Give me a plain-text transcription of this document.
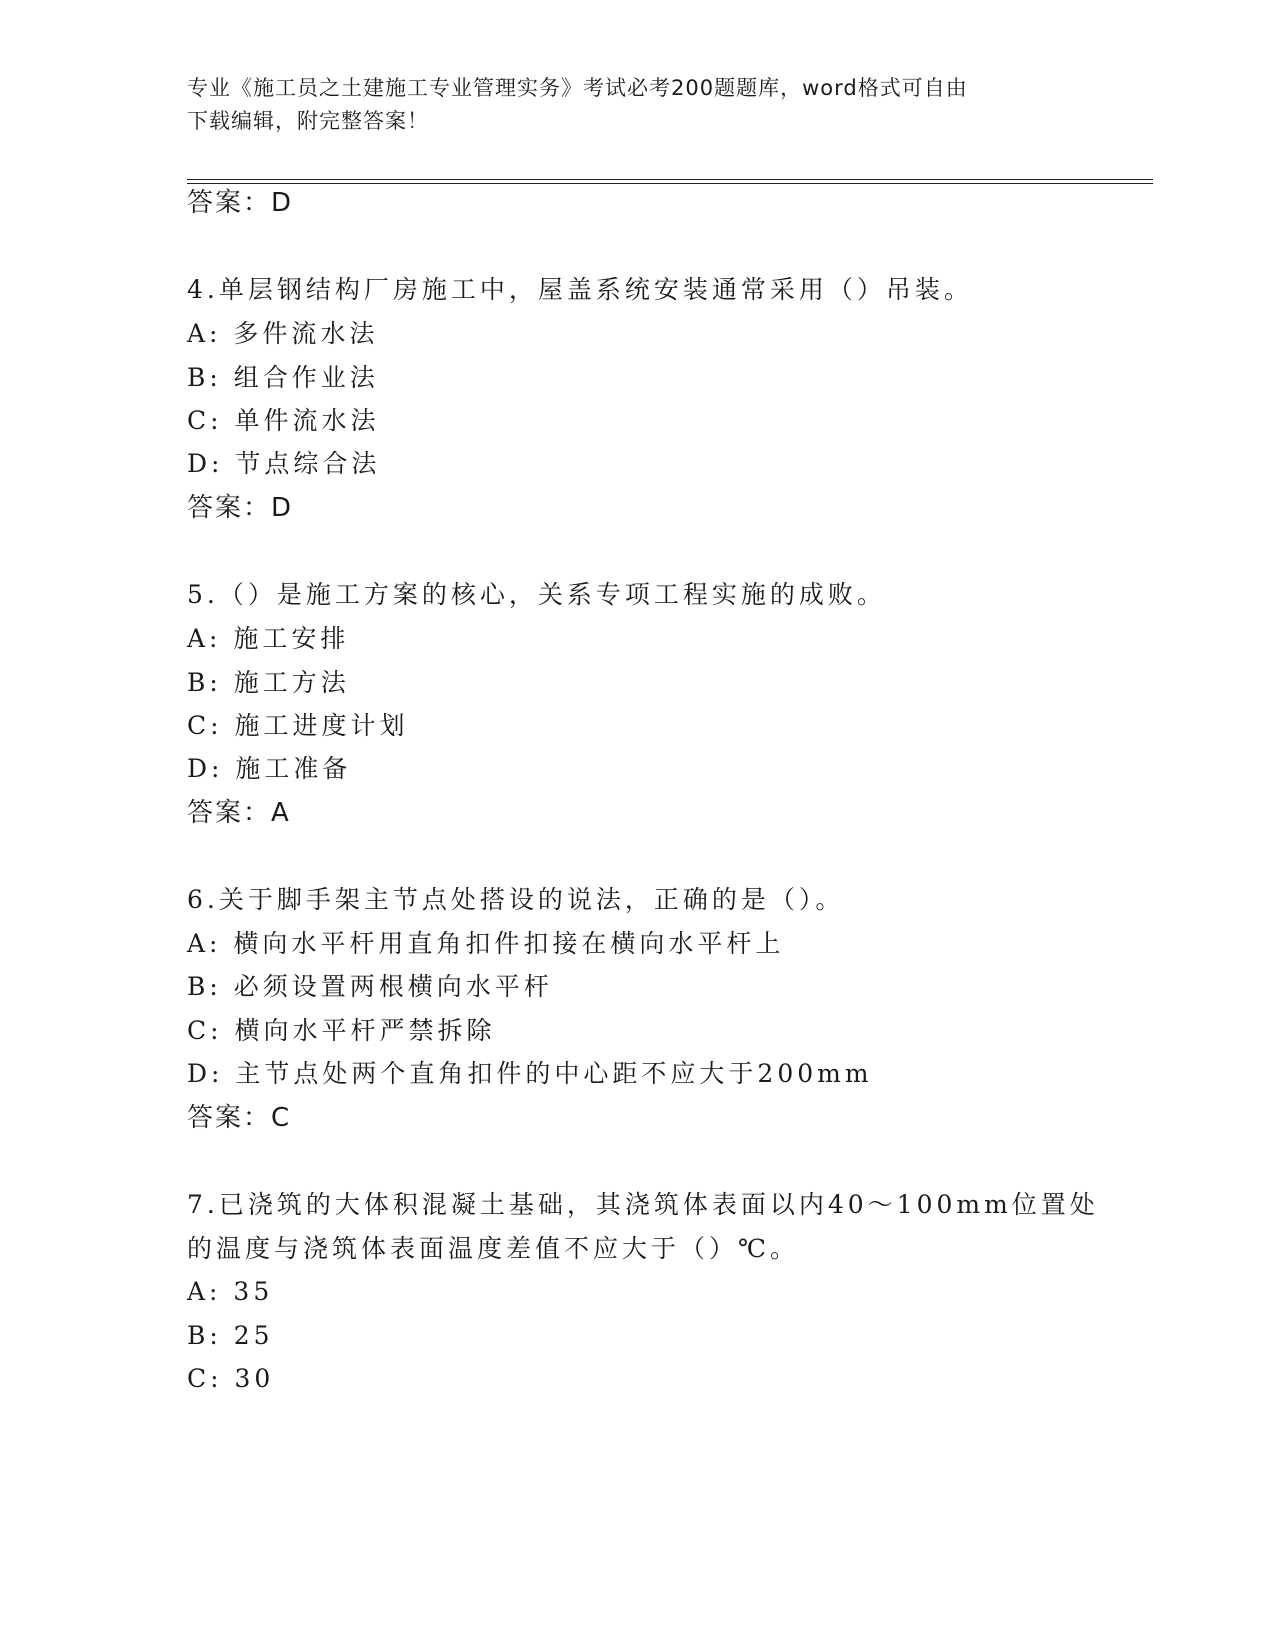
专业《施工员之土建施工专业管理实务》考试必考200题题库，word格式可自由
下载编辑，附完整答案！
答案：D
4.单层钢结构厂房施工中，屋盖系统安装通常采用（）吊装。
A: 多件流水法
B: 组合作业法
C: 单件流水法
D: 节点综合法
答案：D
5.（）是施工方案的核心，关系专项工程实施的成败。
A: 施工安排
B: 施工方法
C: 施工进度计划
D: 施工准备
答案：A
6.关于脚手架主节点处搭设的说法，正确的是（）。
A: 横向水平杆用直角扣件扣接在横向水平杆上
B: 必须设置两根横向水平杆
C: 横向水平杆严禁拆除
D: 主节点处两个直角扣件的中心距不应大于200mm
答案：C
7.已浇筑的大体积混凝土基础，其浇筑体表面以内40～100mm位置处
的温度与浇筑体表面温度差值不应大于（）℃。
A: 35
B: 25
C: 30
